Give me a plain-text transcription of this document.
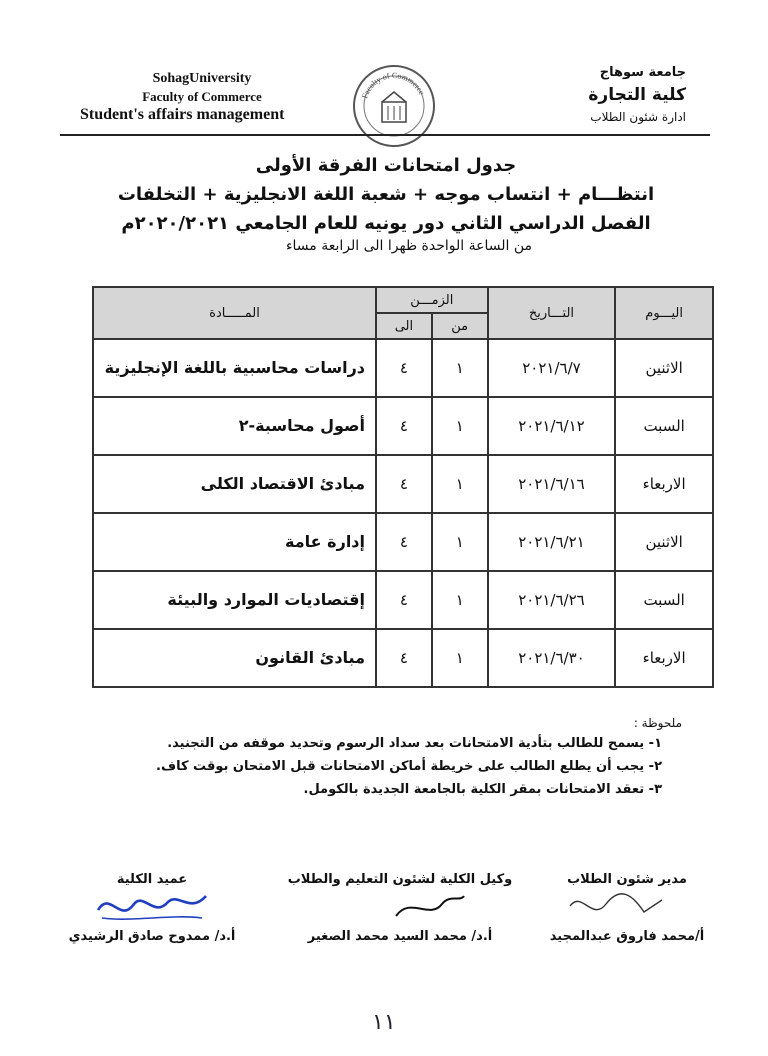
SohagUniversity
Faculty of Commerce
Student's affairs management
Faculty of Commerce
جامعة سوهاج
كلية التجارة
ادارة شئون الطلاب
جدول امتحانات الفرقة الأولى
انتظـــام + انتساب موجه + شعبة اللغة الانجليزية + التخلفات
الفصل الدراسي الثاني دور يونيه للعام الجامعي ٢٠٢٠/٢٠٢١م
من الساعة الواحدة ظهرا الى الرابعة مساء
اليـــوم	التـــاريخ	الزمـــن		المـــــادة
		من	الى	
الاثنين	٢٠٢١/٦/٧	١	٤	دراسات محاسبية باللغة الإنجليزية
السبت	٢٠٢١/٦/١٢	١	٤	أصول محاسبة-٢
الاربعاء	٢٠٢١/٦/١٦	١	٤	مبادئ الاقتصاد الكلى
الاثنين	٢٠٢١/٦/٢١	١	٤	إدارة عامة
السبت	٢٠٢١/٦/٢٦	١	٤	إقتصاديات الموارد والبيئة
الاربعاء	٢٠٢١/٦/٣٠	١	٤	مبادئ القانون
ملحوظة :
١- يسمح للطالب بتأدية الامتحانات بعد سداد الرسوم وتحديد موقفه من التجنيد.
٢- يجب أن يطلع الطالب على خريطة أماكن الامتحانات قبل الامتحان بوقت كاف.
٣- تعقد الامتحانات بمقر الكلية بالجامعة الجديدة بالكومل.
مدير شئون الطلاب
أ/محمد فاروق عبدالمجيد
وكيل الكلية لشئون التعليم والطلاب
أ.د/ محمد السيد محمد الصغير
عميد الكلية
أ.د/ ممدوح صادق الرشيدي
١١
